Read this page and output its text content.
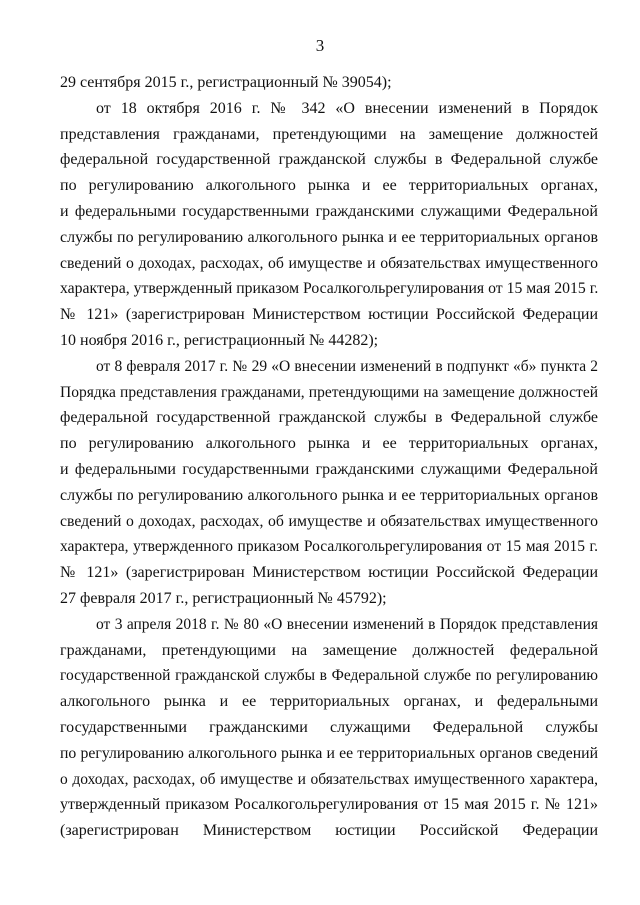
3
29 сентября 2015 г., регистрационный № 39054);
от 18 октября 2016 г. № 342 «О внесении изменений в Порядок
представления гражданами, претендующими на замещение должностей
федеральной государственной гражданской службы в Федеральной службе
по регулированию алкогольного рынка и ее территориальных органах,
и федеральными государственными гражданскими служащими Федеральной
службы по регулированию алкогольного рынка и ее территориальных органов
сведений о доходах, расходах, об имуществе и обязательствах имущественного
характера, утвержденный приказом Росалкогольрегулирования от 15 мая 2015 г.
№ 121» (зарегистрирован Министерством юстиции Российской Федерации
10 ноября 2016 г., регистрационный № 44282);
от 8 февраля 2017 г. № 29 «О внесении изменений в подпункт «б» пункта 2
Порядка представления гражданами, претендующими на замещение должностей
федеральной государственной гражданской службы в Федеральной службе
по регулированию алкогольного рынка и ее территориальных органах,
и федеральными государственными гражданскими служащими Федеральной
службы по регулированию алкогольного рынка и ее территориальных органов
сведений о доходах, расходах, об имуществе и обязательствах имущественного
характера, утвержденного приказом Росалкогольрегулирования от 15 мая 2015 г.
№ 121» (зарегистрирован Министерством юстиции Российской Федерации
27 февраля 2017 г., регистрационный № 45792);
от 3 апреля 2018 г. № 80 «О внесении изменений в Порядок представления
гражданами, претендующими на замещение должностей федеральной
государственной гражданской службы в Федеральной службе по регулированию
алкогольного рынка и ее территориальных органах, и федеральными
государственными гражданскими служащими Федеральной службы
по регулированию алкогольного рынка и ее территориальных органов сведений
о доходах, расходах, об имуществе и обязательствах имущественного характера,
утвержденный приказом Росалкогольрегулирования от 15 мая 2015 г. № 121»
(зарегистрирован Министерством юстиции Российской Федерации
